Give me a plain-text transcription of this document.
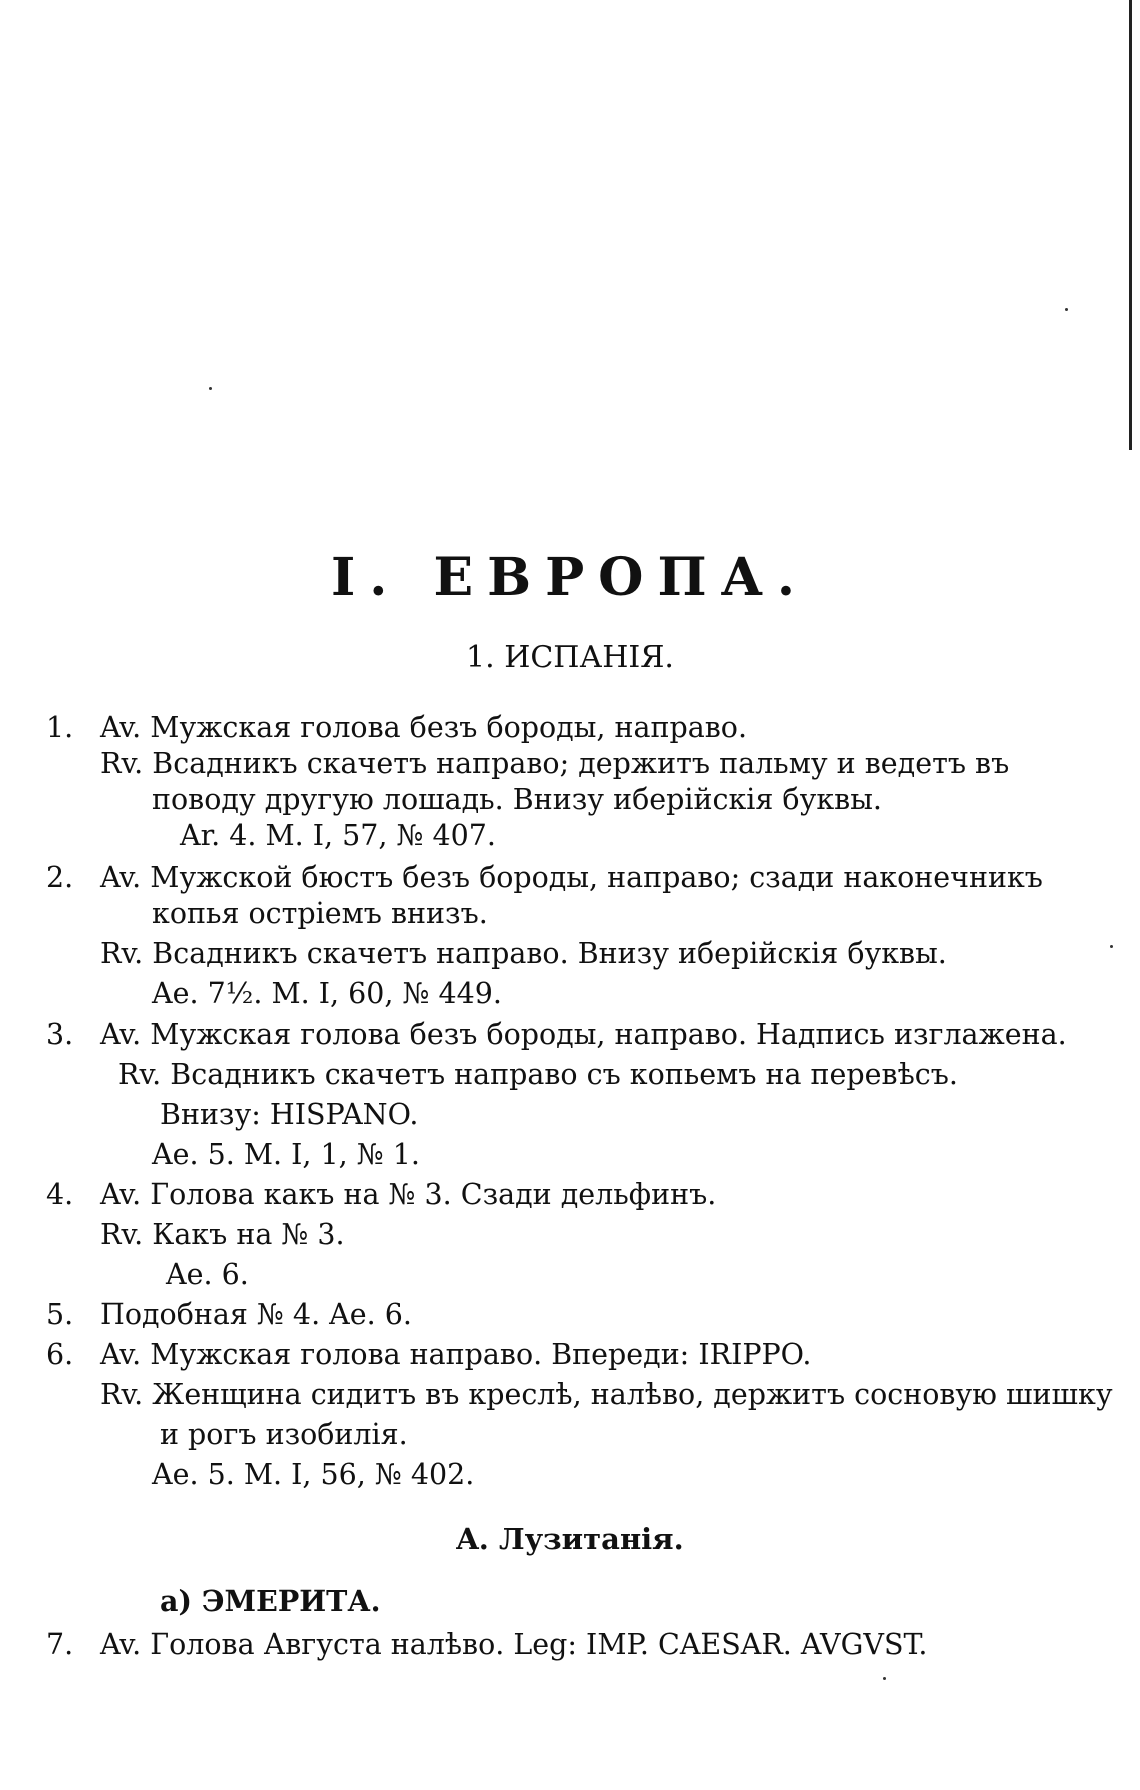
I. ЕВРОПА.
1. ИСПАНІЯ.
1. Av. Мужская голова безъ бороды, направо.
Rv. Всадникъ скачетъ направо; держитъ пальму и ведетъ въ
поводу другую лошадь. Внизу иберійскія буквы.
Ar. 4. M. I, 57, № 407.
2. Av. Мужской бюстъ безъ бороды, направо; сзади наконечникъ
копья остріемъ внизъ.
Rv. Всадникъ скачетъ направо. Внизу иберійскія буквы.
Ae. 7½. M. I, 60, № 449.
3. Av. Мужская голова безъ бороды, направо. Надпись изглажена.
Rv. Всадникъ скачетъ направо съ копьемъ на перевѣсъ.
Внизу: HISPANO.
Ae. 5. M. I, 1, № 1.
4. Av. Голова какъ на № 3. Сзади дельфинъ.
Rv. Какъ на № 3.
Ae. 6.
5. Подобная № 4. Ae. 6.
6. Av. Мужская голова направо. Впереди: IRIPPO.
Rv. Женщина сидитъ въ креслѣ, налѣво, держитъ сосновую шишку
и рогъ изобилія.
Ae. 5. M. I, 56, № 402.
A. Лузитанія.
а) ЭМЕРИТА.
7. Av. Голова Августа налѣво. Leg: IMP. CAESAR. AVGVST.
